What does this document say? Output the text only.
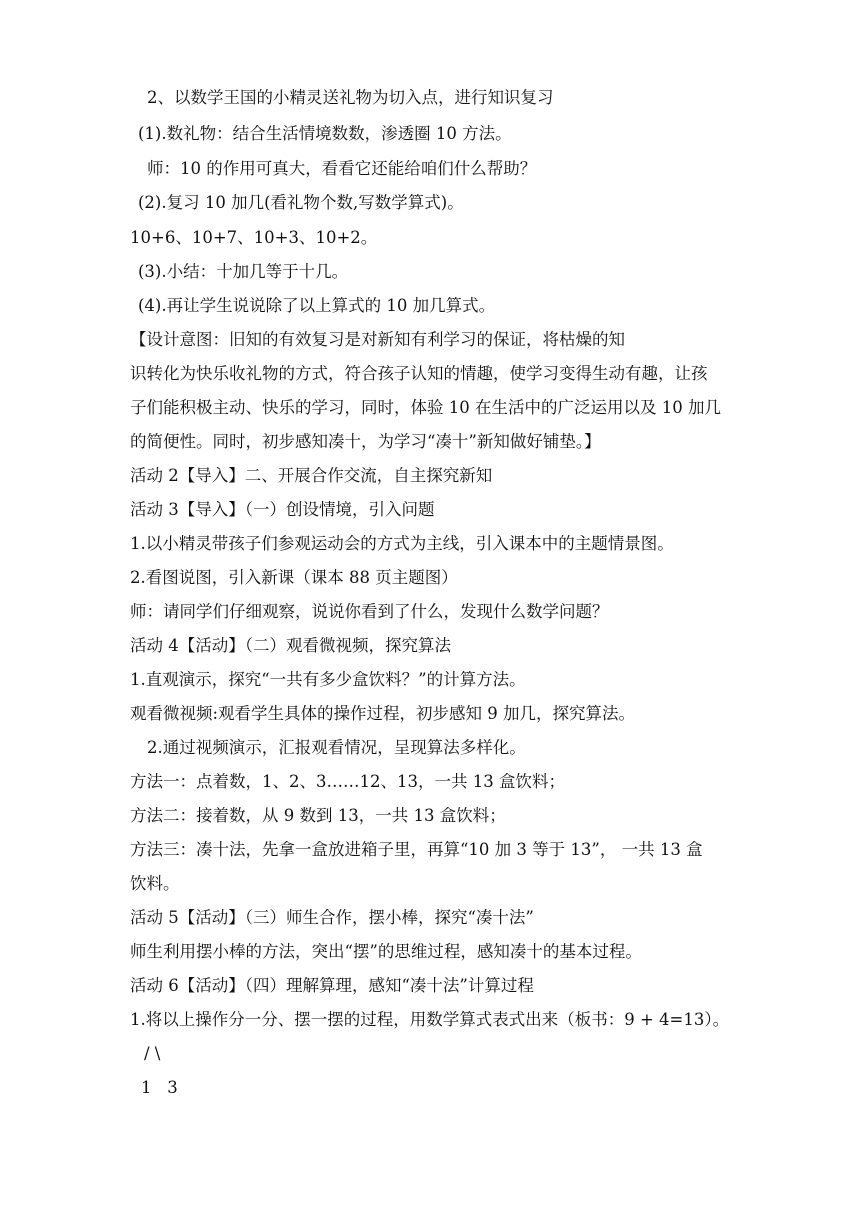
2、以数学王国的小精灵送礼物为切入点，进行知识复习
(1).数礼物：结合生活情境数数，渗透圈 10 方法。
师：10 的作用可真大，看看它还能给咱们什么帮助？
(2).复习 10 加几(看礼物个数,写数学算式)。
10+6、10+7、10+3、10+2。
(3).小结：十加几等于十几。
(4).再让学生说说除了以上算式的 10 加几算式。
【设计意图：旧知的有效复习是对新知有利学习的保证，将枯燥的知
识转化为快乐收礼物的方式，符合孩子认知的情趣，使学习变得生动有趣，让孩
子们能积极主动、快乐的学习，同时，体验 10 在生活中的广泛运用以及 10 加几
的简便性。同时，初步感知凑十，为学习“凑十”新知做好铺垫。】
活动 2【导入】二、开展合作交流，自主探究新知
活动 3【导入】（一）创设情境，引入问题
1.以小精灵带孩子们参观运动会的方式为主线，引入课本中的主题情景图。
2.看图说图，引入新课（课本 88 页主题图）
师：请同学们仔细观察，说说你看到了什么，发现什么数学问题？
活动 4【活动】（二）观看微视频，探究算法
1.直观演示，探究“一共有多少盒饮料？”的计算方法。
观看微视频:观看学生具体的操作过程，初步感知 9 加几，探究算法。
2.通过视频演示，汇报观看情况，呈现算法多样化。
方法一：点着数，1、2、3……12、13，一共 13 盒饮料；
方法二：接着数，从 9 数到 13，一共 13 盒饮料；
方法三：凑十法，先拿一盒放进箱子里，再算“10 加 3 等于 13”， 一共 13 盒
饮料。
活动 5【活动】（三）师生合作，摆小棒，探究“凑十法”
师生利用摆小棒的方法，突出“摆”的思维过程，感知凑十的基本过程。
活动 6【活动】（四）理解算理，感知“凑十法”计算过程
1.将以上操作分一分、摆一摆的过程，用数学算式表式出来（板书：9 + 4=13）。
/ \
1   3
